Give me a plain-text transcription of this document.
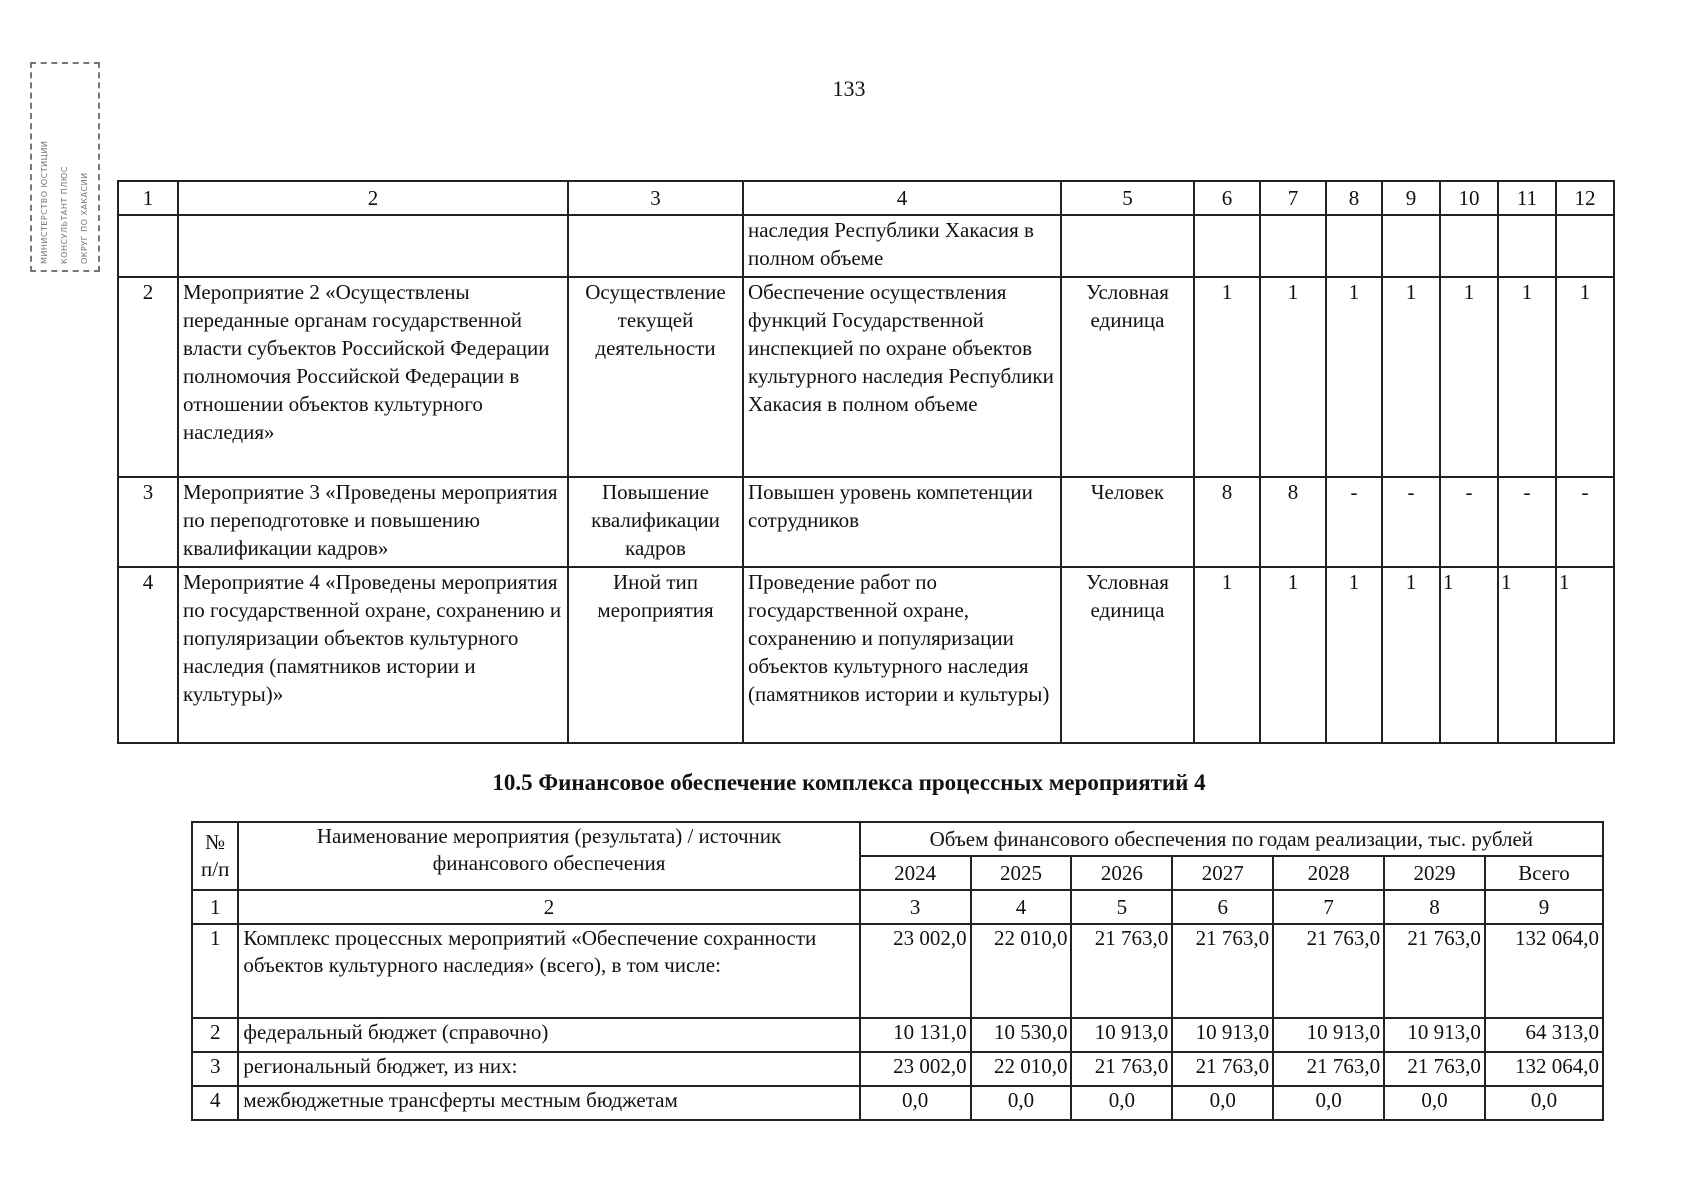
МИНИСТЕРСТВО ЮСТИЦИИ	КОНСУЛЬТАНТ ПЛЮС	ОКРУГ ПО ХАКАСИИ
133
1	2	3	4	5	6	7	8	9	10	11	12
			наследия Республики Хакасия в полном объеме								
2	Мероприятие 2 «Осуществлены переданные органам государственной власти субъектов Российской Федерации полномочия Российской Федерации в отношении объектов культурного наследия»	Осуществление текущей деятельности	Обеспечение осуществления функций Государственной инспекцией по охране объектов культурного наследия Республики Хакасия в полном объеме	Условная единица	1	1	1	1	1	1	1
3	Мероприятие 3 «Проведены мероприятия по переподготовке и повышению квалификации кадров»	Повышение квалификации кадров	Повышен уровень компетенции сотрудников	Человек	8	8	-	-	-	-	-
4	Мероприятие 4 «Проведены мероприятия по государственной охране, сохранению и популяризации объектов культурного наследия (памятников истории и культуры)»	Иной тип мероприятия	Проведение работ по государственной охране, сохранению и популяризации объектов культурного наследия (памятников истории и культуры)	Условная единица	1	1	1	1	1	1	1
10.5 Финансовое обеспечение комплекса процессных мероприятий 4
№ п/п	Наименование мероприятия (результата) / источник финансового обеспечения	Объем финансового обеспечения по годам реализации, тыс. рублей						
		2024	2025	2026	2027	2028	2029	Всего
1	2	3	4	5	6	7	8	9
1	Комплекс процессных мероприятий «Обеспечение сохранности объектов культурного наследия» (всего), в том числе:	23 002,0	22 010,0	21 763,0	21 763,0	21 763,0	21 763,0	132 064,0
2	федеральный бюджет (справочно)	10 131,0	10 530,0	10 913,0	10 913,0	10 913,0	10 913,0	64 313,0
3	региональный бюджет, из них:	23 002,0	22 010,0	21 763,0	21 763,0	21 763,0	21 763,0	132 064,0
4	межбюджетные трансферты местным бюджетам	0,0	0,0	0,0	0,0	0,0	0,0	0,0
